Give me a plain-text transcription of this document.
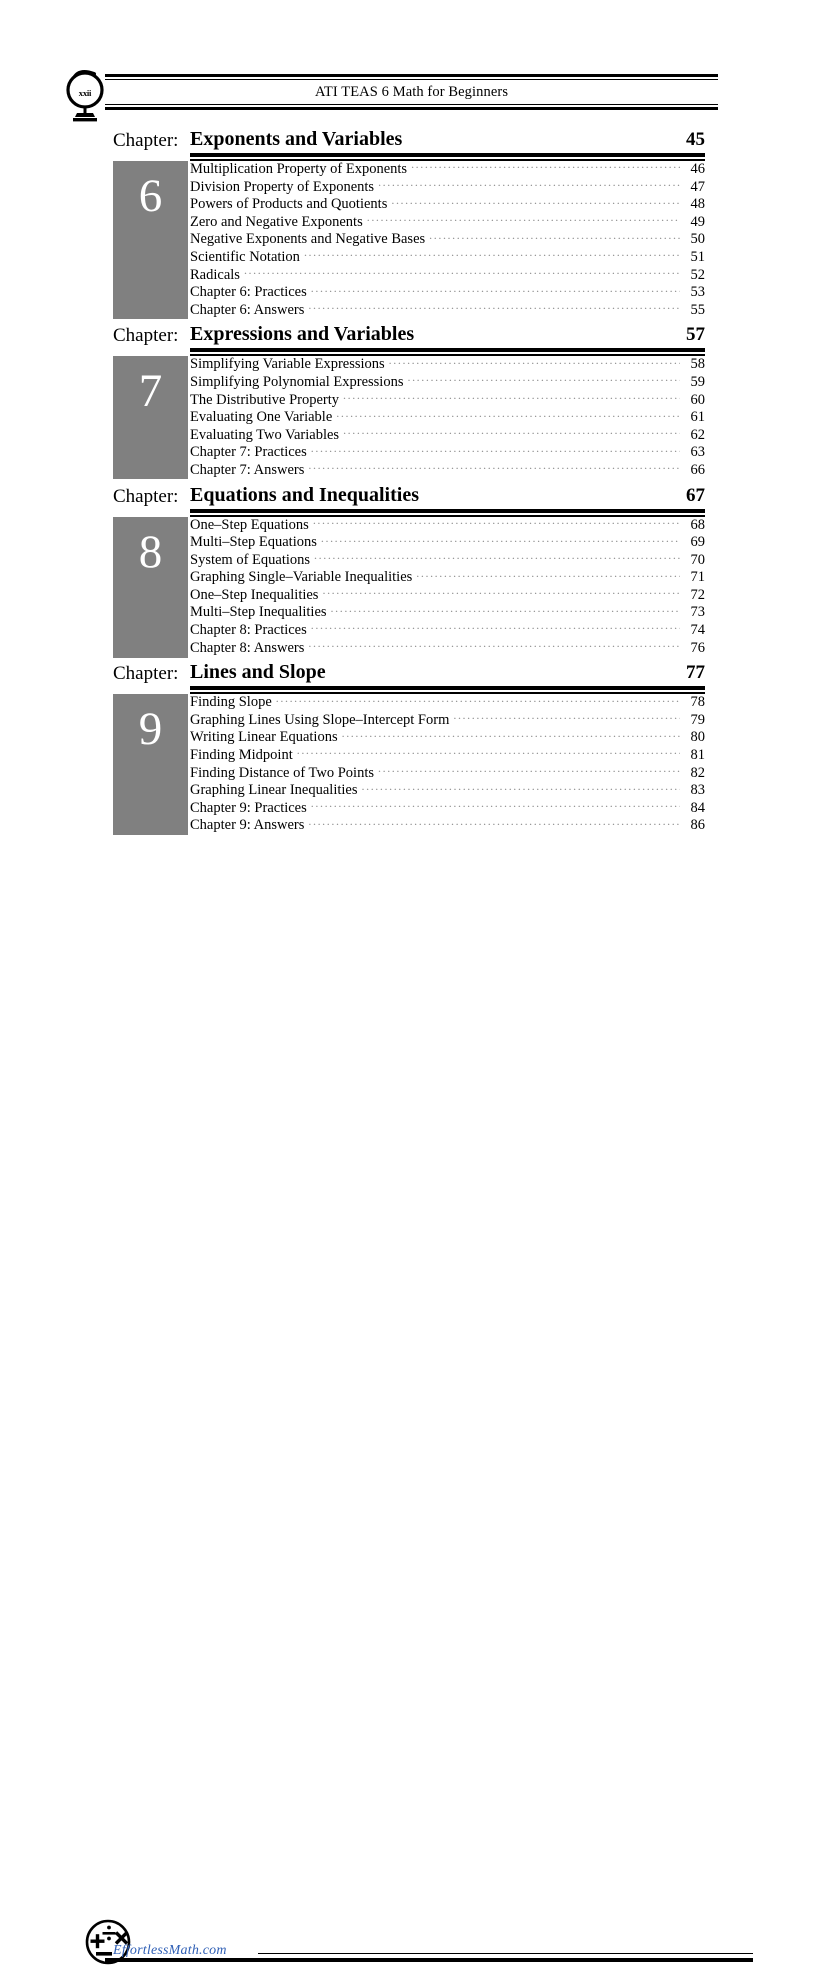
xxii	ATI TEAS 6 Math for Beginners
Chapter: Exponents and Variables	45
6
Multiplication Property of Exponents .....	46
Division Property of Exponents .....	47
Powers of Products and Quotients .....	48
Zero and Negative Exponents .....	49
Negative Exponents and Negative Bases .....	50
Scientific Notation .....	51
Radicals .....	52
Chapter 6: Practices .....	53
Chapter 6: Answers .....	55
Chapter: Expressions and Variables	57
7
Simplifying Variable Expressions .....	58
Simplifying Polynomial Expressions .....	59
The Distributive Property .....	60
Evaluating One Variable .....	61
Evaluating Two Variables .....	62
Chapter 7: Practices .....	63
Chapter 7: Answers .....	66
Chapter: Equations and Inequalities	67
8
One–Step Equations .....	68
Multi–Step Equations .....	69
System of Equations .....	70
Graphing Single–Variable Inequalities .....	71
One–Step Inequalities .....	72
Multi–Step Inequalities .....	73
Chapter 8: Practices .....	74
Chapter 8: Answers .....	76
Chapter: Lines and Slope	77
9
Finding Slope .....	78
Graphing Lines Using Slope–Intercept Form .....	79
Writing Linear Equations .....	80
Finding Midpoint .....	81
Finding Distance of Two Points .....	82
Graphing Linear Inequalities .....	83
Chapter 9: Practices .....	84
Chapter 9: Answers .....	86
EffortlessMath.com
